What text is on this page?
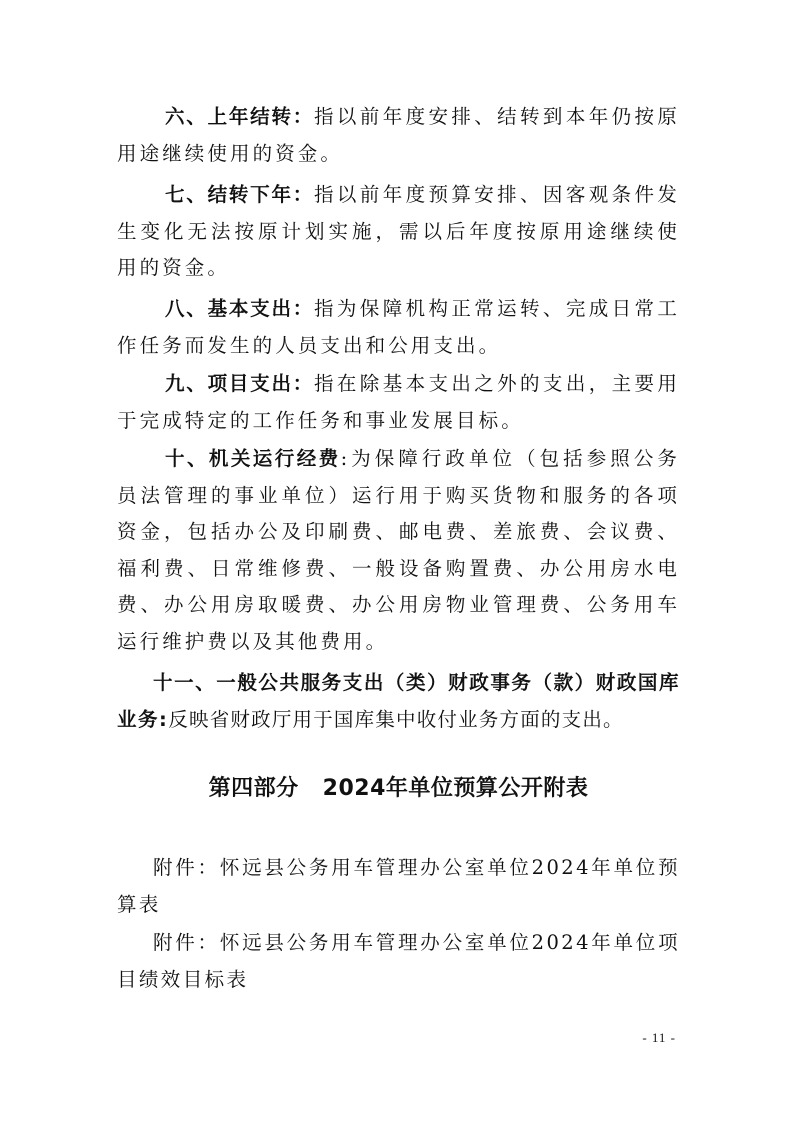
六、上年结转：指以前年度安排、结转到本年仍按原用途继续使用的资金。

七、结转下年：指以前年度预算安排、因客观条件发生变化无法按原计划实施，需以后年度按原用途继续使用的资金。

八、基本支出：指为保障机构正常运转、完成日常工作任务而发生的人员支出和公用支出。

九、项目支出：指在除基本支出之外的支出，主要用于完成特定的工作任务和事业发展目标。

十、机关运行经费:为保障行政单位（包括参照公务员法管理的事业单位）运行用于购买货物和服务的各项资金，包括办公及印刷费、邮电费、差旅费、会议费、福利费、日常维修费、一般设备购置费、办公用房水电费、办公用房取暖费、办公用房物业管理费、公务用车运行维护费以及其他费用。

十一、一般公共服务支出（类）财政事务（款）财政国库业务:反映省财政厅用于国库集中收付业务方面的支出。

第四部分 2024年单位预算公开附表

附件：怀远县公务用车管理办公室单位2024年单位预算表

附件：怀远县公务用车管理办公室单位2024年单位项目绩效目标表

- 11 -
